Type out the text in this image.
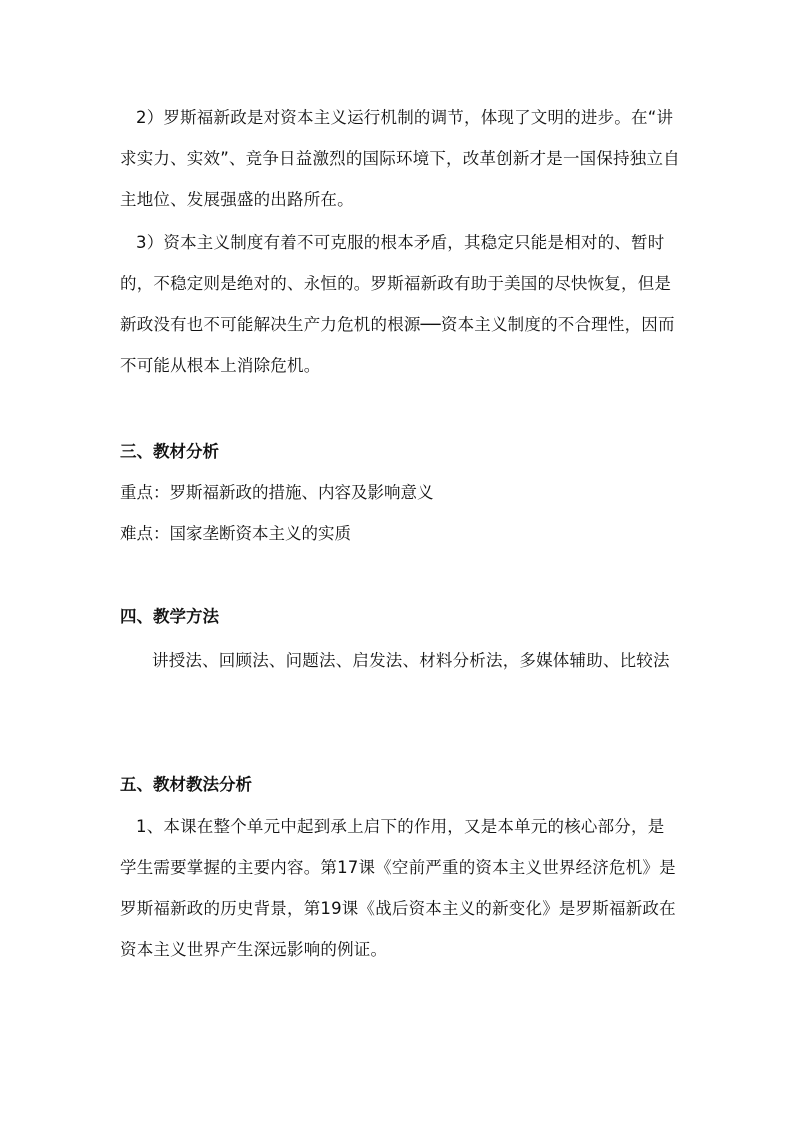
2）罗斯福新政是对资本主义运行机制的调节，体现了文明的进步。在“讲求实力、实效”、竞争日益激烈的国际环境下，改革创新才是一国保持独立自主地位、发展强盛的出路所在。

3）资本主义制度有着不可克服的根本矛盾，其稳定只能是相对的、暂时的，不稳定则是绝对的、永恒的。罗斯福新政有助于美国的尽快恢复，但是新政没有也不可能解决生产力危机的根源──资本主义制度的不合理性，因而不可能从根本上消除危机。

三、教材分析

重点：罗斯福新政的措施、内容及影响意义

难点：国家垄断资本主义的实质

四、教学方法

讲授法、回顾法、问题法、启发法、材料分析法，多媒体辅助、比较法

五、教材教法分析

1、本课在整个单元中起到承上启下的作用，又是本单元的核心部分，是学生需要掌握的主要内容。第17课《空前严重的资本主义世界经济危机》是罗斯福新政的历史背景，第19课《战后资本主义的新变化》是罗斯福新政在资本主义世界产生深远影响的例证。
